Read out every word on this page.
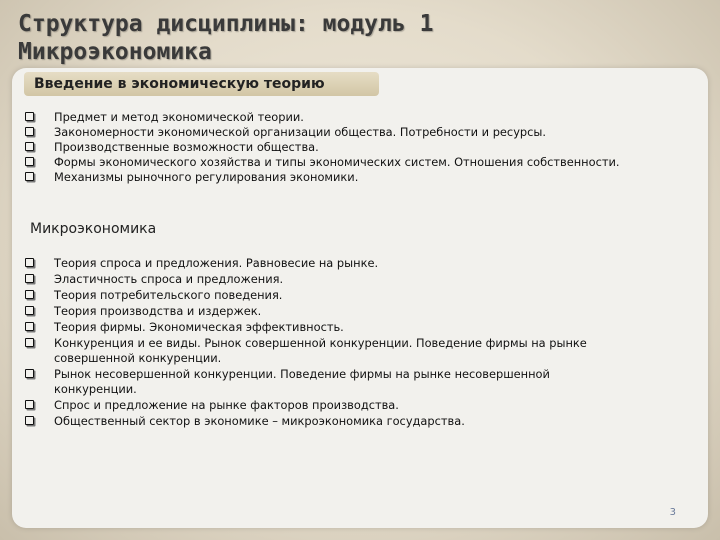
Структура дисциплины: модуль 1
Микроэкономика
Введение в экономическую теорию
Предмет и метод экономической теории.
Закономерности экономической организации общества. Потребности и ресурсы.
Производственные возможности общества.
Формы экономического хозяйства и типы экономических систем. Отношения собственности.
Механизмы рыночного регулирования экономики.
Микроэкономика
Теория спроса и предложения. Равновесие на рынке.
Эластичность спроса и предложения.
Теория потребительского поведения.
Теория производства и издержек.
Теория фирмы. Экономическая эффективность.
Конкуренция и ее виды. Рынок совершенной конкуренции. Поведение фирмы на рынке совершенной конкуренции.
Рынок несовершенной конкуренции. Поведение фирмы на рынке несовершенной конкуренции.
Спрос и предложение на рынке факторов производства.
Общественный сектор в экономике – микроэкономика государства.
3
